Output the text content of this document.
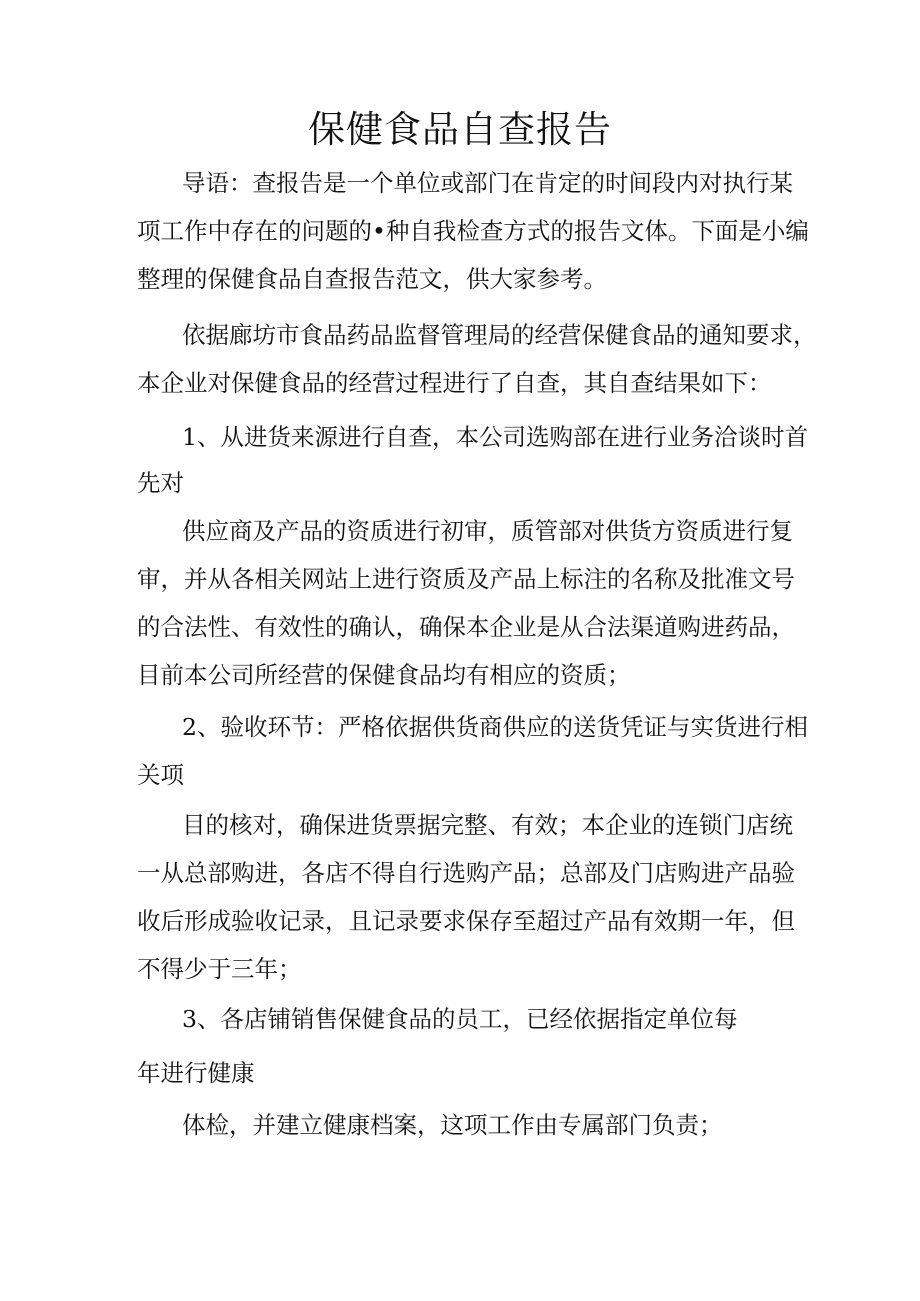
保健食品自查报告
导语：查报告是一个单位或部门在肯定的时间段内对执行某
项工作中存在的问题的•种自我检查方式的报告文体。下面是小编
整理的保健食品自查报告范文，供大家参考。
依据廊坊市食品药品监督管理局的经营保健食品的通知要求，
本企业对保健食品的经营过程进行了自查，其自查结果如下：
1、从进货来源进行自查，本公司选购部在进行业务洽谈时首
先对
供应商及产品的资质进行初审，质管部对供货方资质进行复
审，并从各相关网站上进行资质及产品上标注的名称及批准文号
的合法性、有效性的确认，确保本企业是从合法渠道购进药品，
目前本公司所经营的保健食品均有相应的资质；
2、验收环节：严格依据供货商供应的送货凭证与实货进行相
关项
目的核对，确保进货票据完整、有效；本企业的连锁门店统
一从总部购进，各店不得自行选购产品；总部及门店购进产品验
收后形成验收记录，且记录要求保存至超过产品有效期一年，但
不得少于三年；
3、各店铺销售保健食品的员工，已经依据指定单位每
年进行健康
体检，并建立健康档案，这项工作由专属部门负责；
